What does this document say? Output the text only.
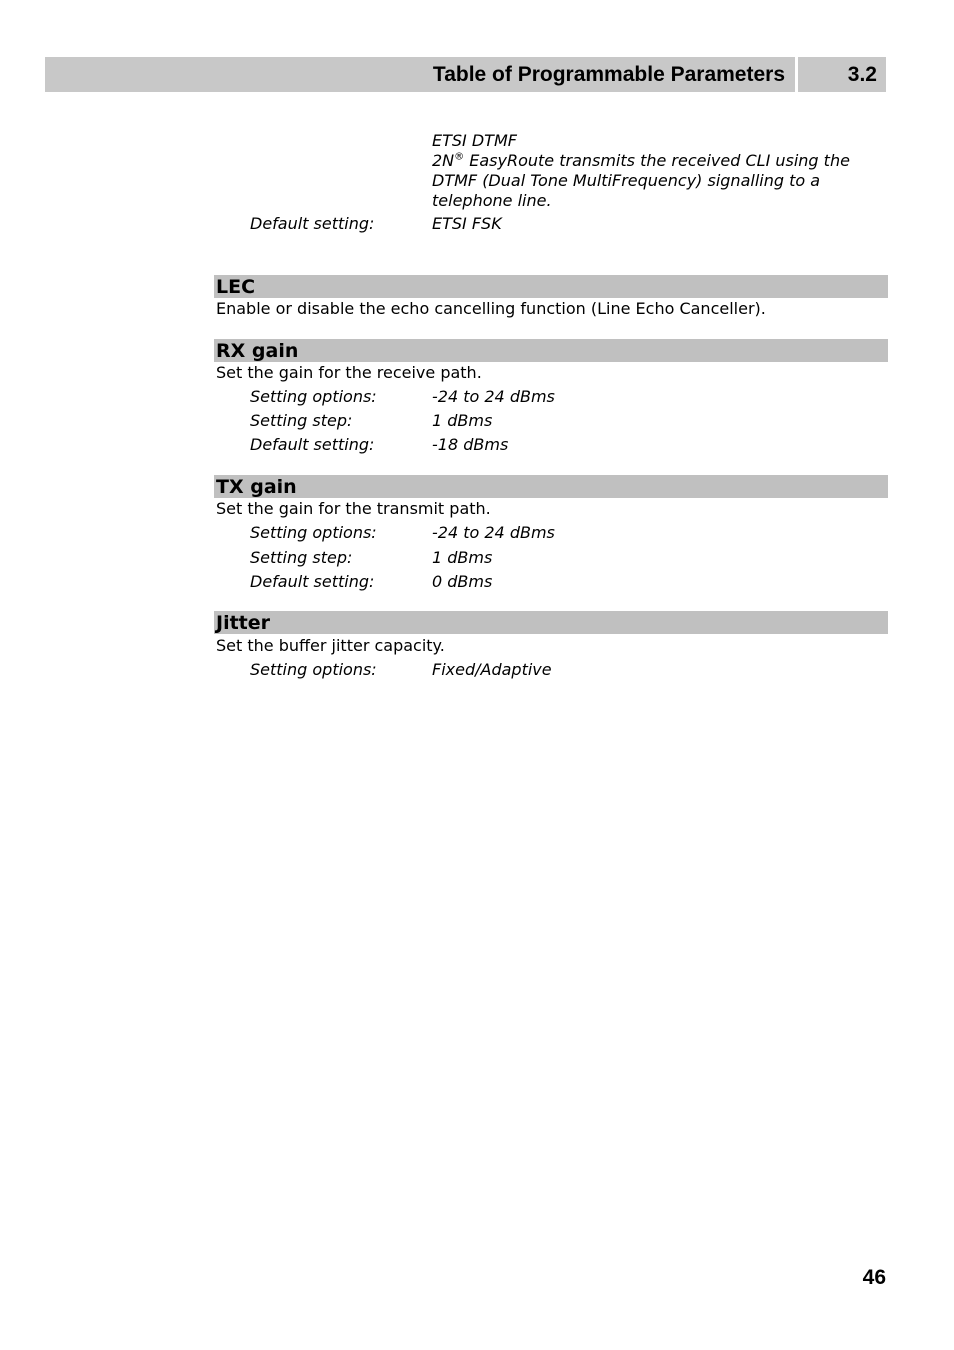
Table of Programmable Parameters	3.2
ETSI DTMF
2N® EasyRoute transmits the received CLI using the
DTMF (Dual Tone MultiFrequency) signalling to a
telephone line.
Default setting:	ETSI FSK
LEC
Enable or disable the echo cancelling function (Line Echo Canceller).
RX gain
Set the gain for the receive path.
Setting options:	-24 to 24 dBms
Setting step:	1 dBms
Default setting:	-18 dBms
TX gain
Set the gain for the transmit path.
Setting options:	-24 to 24 dBms
Setting step:	1 dBms
Default setting:	0 dBms
Jitter
Set the buffer jitter capacity.
Setting options:	Fixed/Adaptive
46
